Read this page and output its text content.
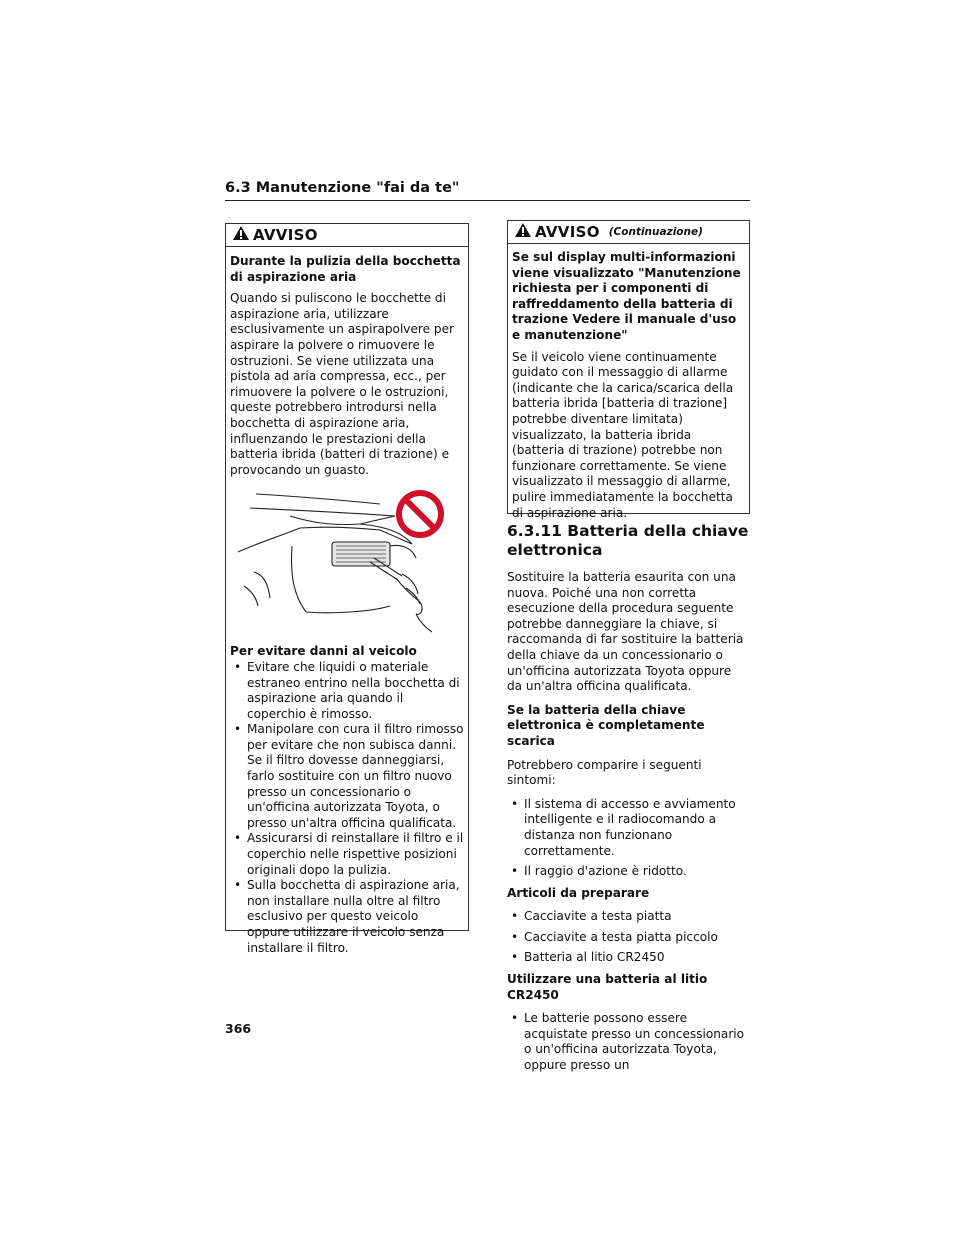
6.3 Manutenzione "fai da te"
AVVISO

Durante la pulizia della bocchetta di aspirazione aria

Quando si puliscono le bocchette di aspirazione aria, utilizzare esclusivamente un aspirapolvere per aspirare la polvere o rimuovere le ostruzioni. Se viene utilizzata una pistola ad aria compressa, ecc., per rimuovere la polvere o le ostruzioni, queste potrebbero introdursi nella bocchetta di aspirazione aria, influenzando le prestazioni della batteria ibrida (batteri di trazione) e provocando un guasto.

Per evitare danni al veicolo

• Evitare che liquidi o materiale estraneo entrino nella bocchetta di aspirazione aria quando il coperchio è rimosso.
• Manipolare con cura il filtro rimosso per evitare che non subisca danni. Se il filtro dovesse danneggiarsi, farlo sostituire con un filtro nuovo presso un concessionario o un'officina autorizzata Toyota, o presso un'altra officina qualificata.
• Assicurarsi di reinstallare il filtro e il coperchio nelle rispettive posizioni originali dopo la pulizia.
• Sulla bocchetta di aspirazione aria, non installare nulla oltre al filtro esclusivo per questo veicolo oppure utilizzare il veicolo senza installare il filtro.
AVVISO (Continuazione)

Se sul display multi-informazioni viene visualizzato "Manutenzione richiesta per i componenti di raffreddamento della batteria di trazione Vedere il manuale d'uso e manutenzione"

Se il veicolo viene continuamente guidato con il messaggio di allarme (indicante che la carica/scarica della batteria ibrida [batteria di trazione] potrebbe diventare limitata) visualizzato, la batteria ibrida (batteria di trazione) potrebbe non funzionare correttamente. Se viene visualizzato il messaggio di allarme, pulire immediatamente la bocchetta di aspirazione aria.

6.3.11 Batteria della chiave elettronica

Sostituire la batteria esaurita con una nuova. Poiché una non corretta esecuzione della procedura seguente potrebbe danneggiare la chiave, si raccomanda di far sostituire la batteria della chiave da un concessionario o un'officina autorizzata Toyota oppure da un'altra officina qualificata.

Se la batteria della chiave elettronica è completamente scarica

Potrebbero comparire i seguenti sintomi:

• Il sistema di accesso e avviamento intelligente e il radiocomando a distanza non funzionano correttamente.
• Il raggio d'azione è ridotto.

Articoli da preparare

• Cacciavite a testa piatta
• Cacciavite a testa piatta piccolo
• Batteria al litio CR2450

Utilizzare una batteria al litio CR2450

• Le batterie possono essere acquistate presso un concessionario o un'officina autorizzata Toyota, oppure presso un
366
